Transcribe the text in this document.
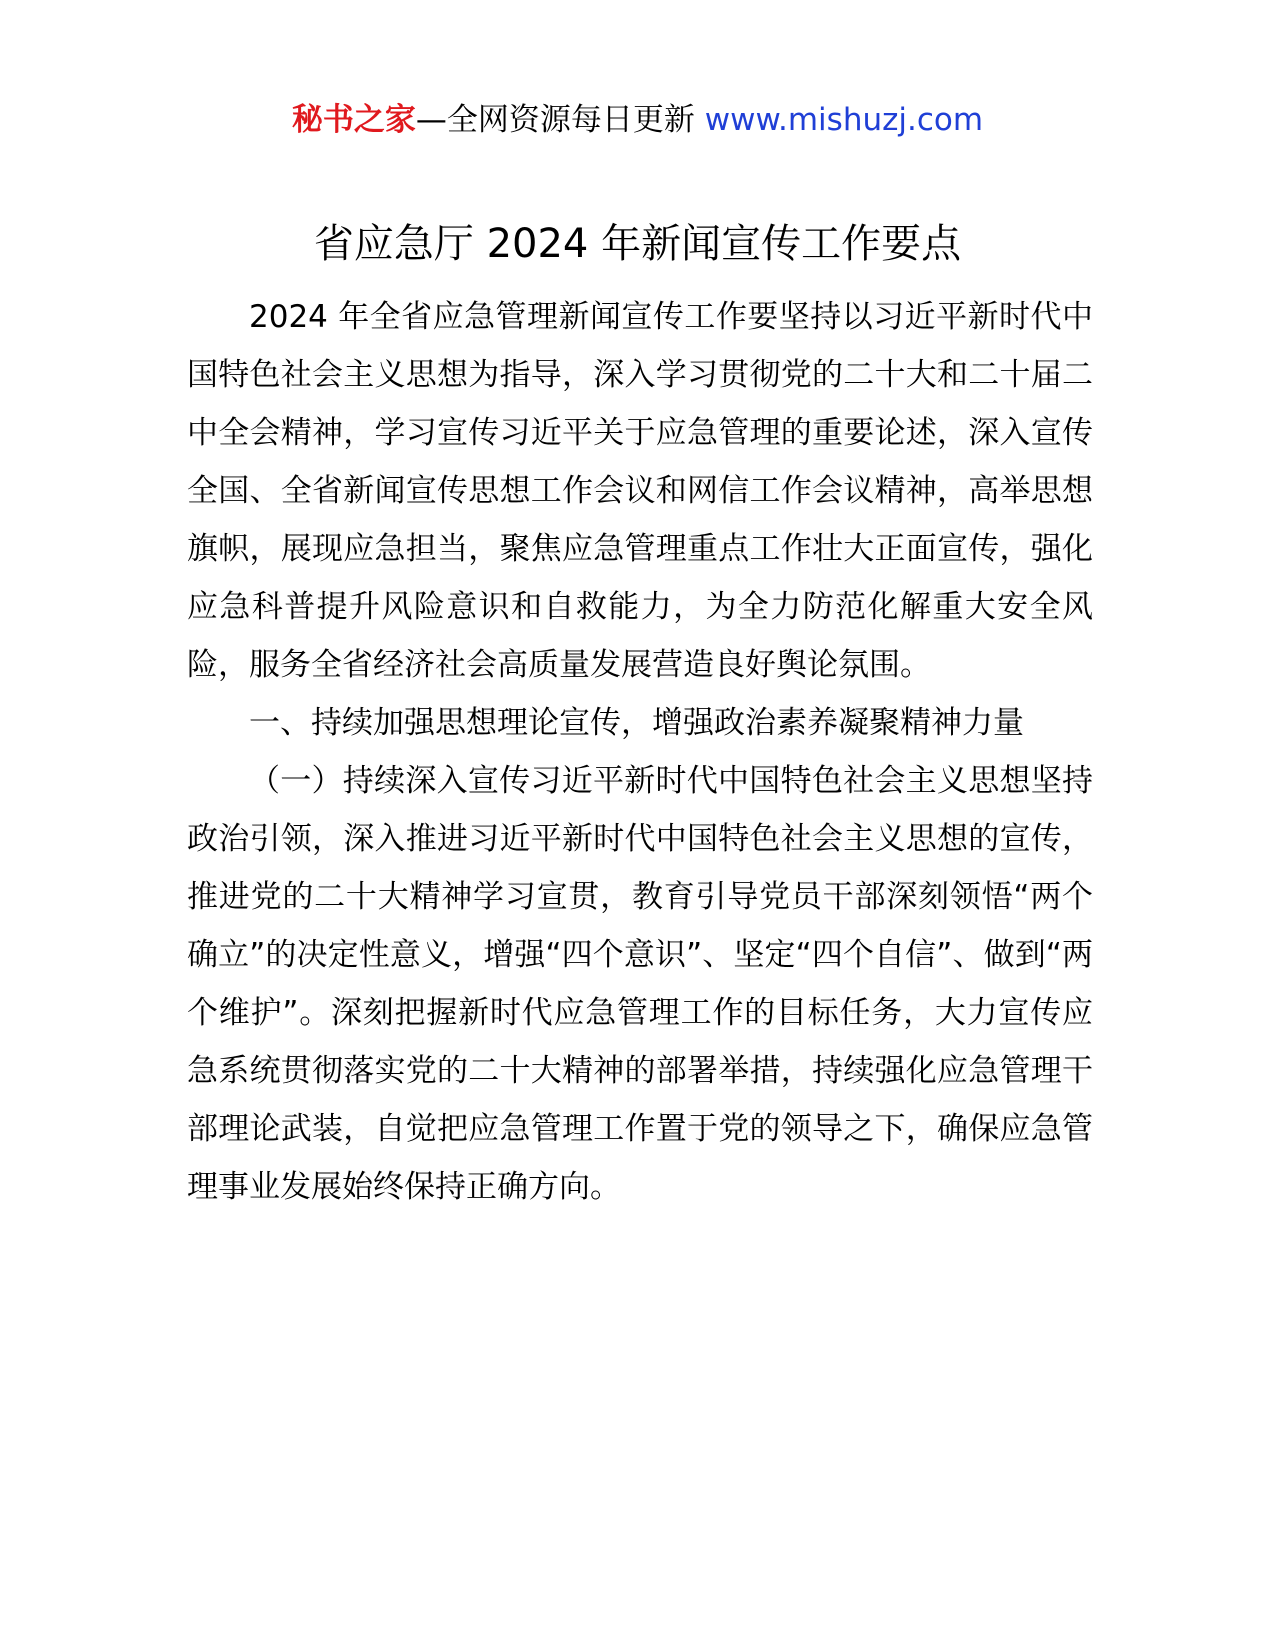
秘书之家—全网资源每日更新 www.mishuzj.com
省应急厅 2024 年新闻宣传工作要点

2024 年全省应急管理新闻宣传工作要坚持以习近平新时代中国特色社会主义思想为指导，深入学习贯彻党的二十大和二十届二中全会精神，学习宣传习近平关于应急管理的重要论述，深入宣传全国、全省新闻宣传思想工作会议和网信工作会议精神，高举思想旗帜，展现应急担当，聚焦应急管理重点工作壮大正面宣传，强化应急科普提升风险意识和自救能力，为全力防范化解重大安全风险，服务全省经济社会高质量发展营造良好舆论氛围。

一、持续加强思想理论宣传，增强政治素养凝聚精神力量

（一）持续深入宣传习近平新时代中国特色社会主义思想坚持政治引领，深入推进习近平新时代中国特色社会主义思想的宣传，推进党的二十大精神学习宣贯，教育引导党员干部深刻领悟“两个确立”的决定性意义，增强“四个意识”、坚定“四个自信”、做到“两个维护”。深刻把握新时代应急管理工作的目标任务，大力宣传应急系统贯彻落实党的二十大精神的部署举措，持续强化应急管理干部理论武装，自觉把应急管理工作置于党的领导之下，确保应急管理事业发展始终保持正确方向。
